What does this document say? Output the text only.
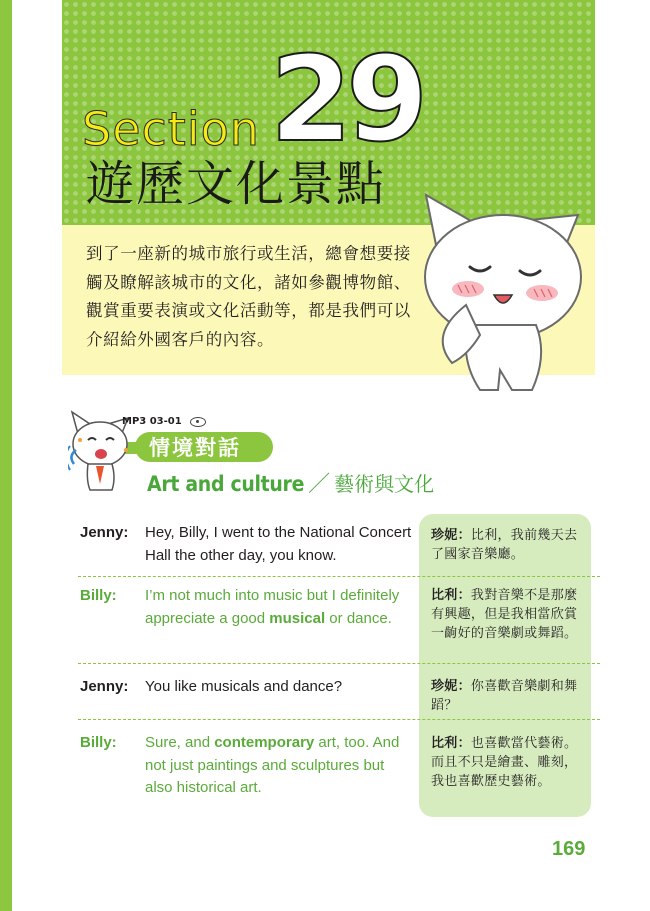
Section 29
遊歷文化景點
到了一座新的城市旅行或生活，總會想要接觸及瞭解該城市的文化，諸如參觀博物館、觀賞重要表演或文化活動等，都是我們可以介紹給外國客戶的內容。
MP3 03-01
情境對話
Art and culture ／ 藝術與文化
Jenny: Hey, Billy, I went to the National Concert Hall the other day, you know.
珍妮：比利，我前幾天去了國家音樂廳。
Billy: I’m not much into music but I definitely appreciate a good musical or dance.
比利：我對音樂不是那麼有興趣，但是我相當欣賞一齣好的音樂劇或舞蹈。
Jenny: You like musicals and dance?	珍妮：你喜歡音樂劇和舞蹈？
Billy: Sure, and contemporary art, too. And not just paintings and sculptures but also historical art.
比利：也喜歡當代藝術。而且不只是繪畫、雕刻，我也喜歡歷史藝術。
169
